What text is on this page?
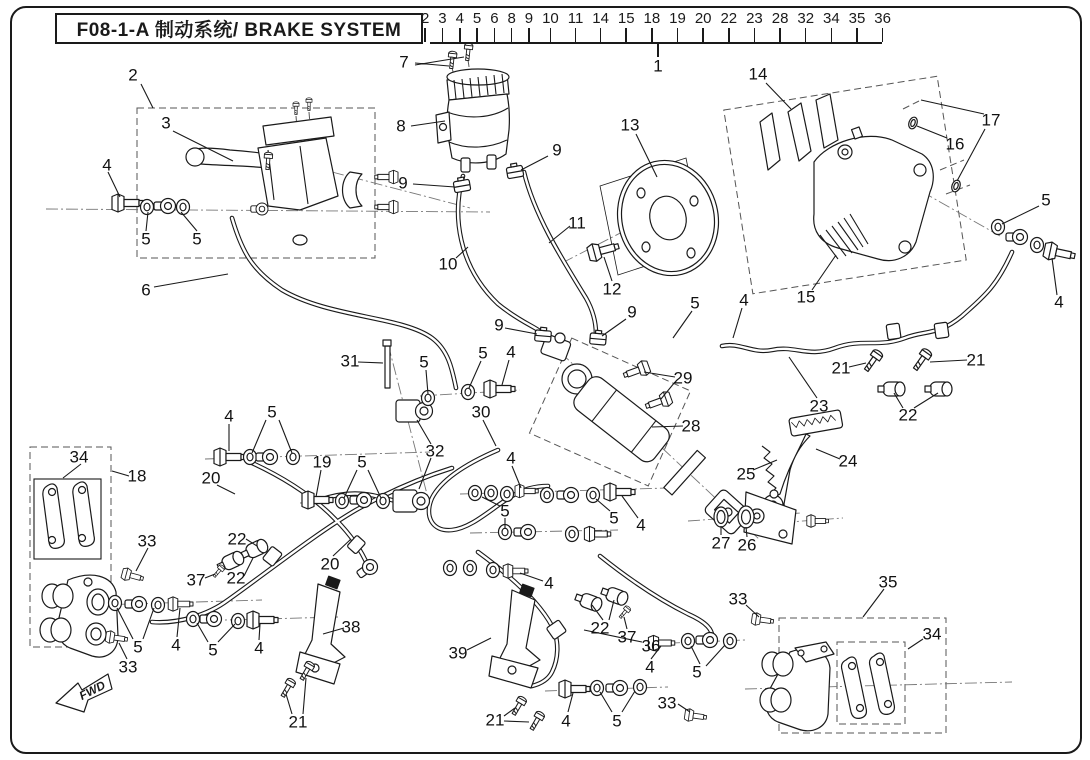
FWD
F08-1-A 制动系统/ BRAKE SYSTEM
2 3 4 5 6 8 9 10 11 14 15 18 19 20 22 23 28 32 34 35 36
1
7
2
3	8	13
14
17
16
9
9
4
5
11
5 5
10
12	15
6
4
9
9	5 4
21	21
23	22
31	5	5 4
29
30
28
32
34
18
4 5
19 5	24
25
20
27 26
33	22
37 22
20
4
5	5 4
4	35
34
33
39
22 37 36
4 5
38
5 4 5 4
33
21	21	4 5
33
